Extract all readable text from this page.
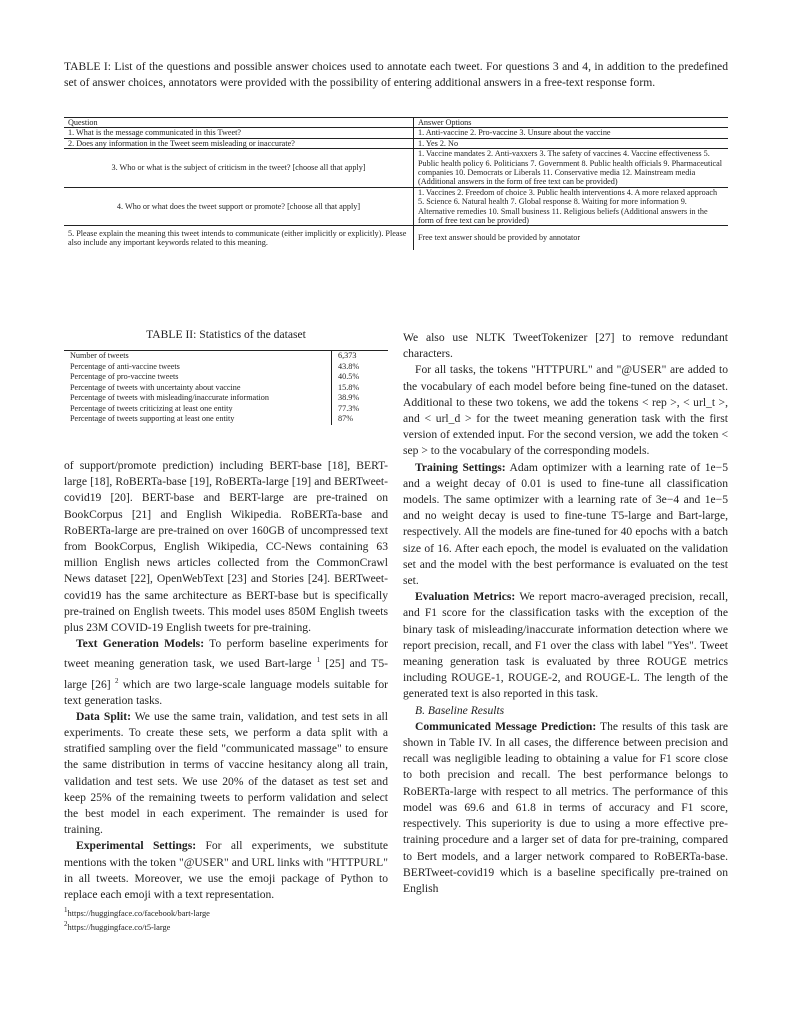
TABLE I: List of the questions and possible answer choices used to annotate each tweet. For questions 3 and 4, in addition to the predefined set of answer choices, annotators were provided with the possibility of entering additional answers in a free-text response form.
Question	Answer Options
1. What is the message communicated in this Tweet?	1. Anti-vaccine 2. Pro-vaccine 3. Unsure about the vaccine
2. Does any information in the Tweet seem misleading or inaccurate?	1. Yes 2. No
3. Who or what is the subject of criticism in the tweet? [choose all that apply]	1. Vaccine mandates 2. Anti-vaxxers 3. The safety of vaccines 4. Vaccine effectiveness 5. Public health policy 6. Politicians 7. Government 8. Public health officials 9. Pharmaceutical companies 10. Democrats or Liberals 11. Conservative media 12. Mainstream media (Additional answers in the form of free text can be provided)
4. Who or what does the tweet support or promote? [choose all that apply]	1. Vaccines 2. Freedom of choice 3. Public health interventions 4. A more relaxed approach 5. Science 6. Natural health 7. Global response 8. Waiting for more information 9. Alternative remedies 10. Small business 11. Religious beliefs (Additional answers in the form of free text can be provided)
5. Please explain the meaning this tweet intends to communicate (either implicitly or explicitly). Please also include any important keywords related to this meaning.	Free text answer should be provided by annotator
TABLE II: Statistics of the dataset
Number of tweets	6,373
Percentage of anti-vaccine tweets	43.8%
Percentage of pro-vaccine tweets	40.5%
Percentage of tweets with uncertainty about vaccine	15.8%
Percentage of tweets with misleading/inaccurate information	38.9%
Percentage of tweets criticizing at least one entity	77.3%
Percentage of tweets supporting at least one entity	87%

of support/promote prediction) including BERT-base [18], BERT-large [18], RoBERTa-base [19], RoBERTa-large [19] and BERTweet-covid19 [20]. BERT-base and BERT-large are pre-trained on BookCorpus [21] and English Wikipedia. RoBERTa-base and RoBERTa-large are pre-trained on over 160GB of uncompressed text from BookCorpus, English Wikipedia, CC-News containing 63 million English news articles collected from the CommonCrawl News dataset [22], OpenWebText [23] and Stories [24]. BERTweet-covid19 has the same architecture as BERT-base but is specifically pre-trained on English tweets. This model uses 850M English tweets plus 23M COVID-19 English tweets for pre-training.

Text Generation Models: To perform baseline experiments for tweet meaning generation task, we used Bart-large $^1$ [25] and T5-large [26] $^2$ which are two large-scale language models suitable for text generation tasks.

Data Split: We use the same train, validation, and test sets in all experiments. To create these sets, we perform a data split with a stratified sampling over the field "communicated massage" to ensure the same distribution in terms of vaccine hesitancy along all train, validation and test sets. We use 20% of the dataset as test set and keep 25% of the remaining tweets to perform validation and select the best model in each experiment. The remainder is used for training.

Experimental Settings: For all experiments, we substitute mentions with the token "@USER" and URL links with "HTTPURL" in all tweets. Moreover, we use the emoji package of Python to replace each emoji with a text representation.

$^1$https://huggingface.co/facebook/bart-large
$^2$https://huggingface.co/t5-large

We also use NLTK TweetTokenizer [27] to remove redundant characters.

For all tasks, the tokens "HTTPURL" and "@USER" are added to the vocabulary of each model before being fine-tuned on the dataset. Additional to these two tokens, we add the tokens < rep >, < url_t >, and < url_d > for the tweet meaning generation task with the first version of extended input. For the second version, we add the token < sep > to the vocabulary of the corresponding models.

Training Settings: Adam optimizer with a learning rate of 1e−5 and a weight decay of 0.01 is used to fine-tune all classification models. The same optimizer with a learning rate of 3e−4 and 1e−5 and no weight decay is used to fine-tune T5-large and Bart-large, respectively. All the models are fine-tuned for 40 epochs with a batch size of 16. After each epoch, the model is evaluated on the validation set and the model with the best performance is evaluated on the test set.

Evaluation Metrics: We report macro-averaged precision, recall, and F1 score for the classification tasks with the exception of the binary task of misleading/inaccurate information detection where we report precision, recall, and F1 over the class with label "Yes". Tweet meaning generation task is evaluated by three ROUGE metrics including ROUGE-1, ROUGE-2, and ROUGE-L. The length of the generated text is also reported in this task.

B. Baseline Results

Communicated Message Prediction: The results of this task are shown in Table IV. In all cases, the difference between precision and recall was negligible leading to obtaining a value for F1 score close to both precision and recall. The best performance belongs to RoBERTa-large with respect to all metrics. The performance of this model was 69.6 and 61.8 in terms of accuracy and F1 score, respectively. This superiority is due to using a more effective pre-training procedure and a larger set of data for pre-training, compared to Bert models, and a larger network compared to RoBERTa-base. BERTweet-covid19 which is a baseline specifically pre-trained on English
